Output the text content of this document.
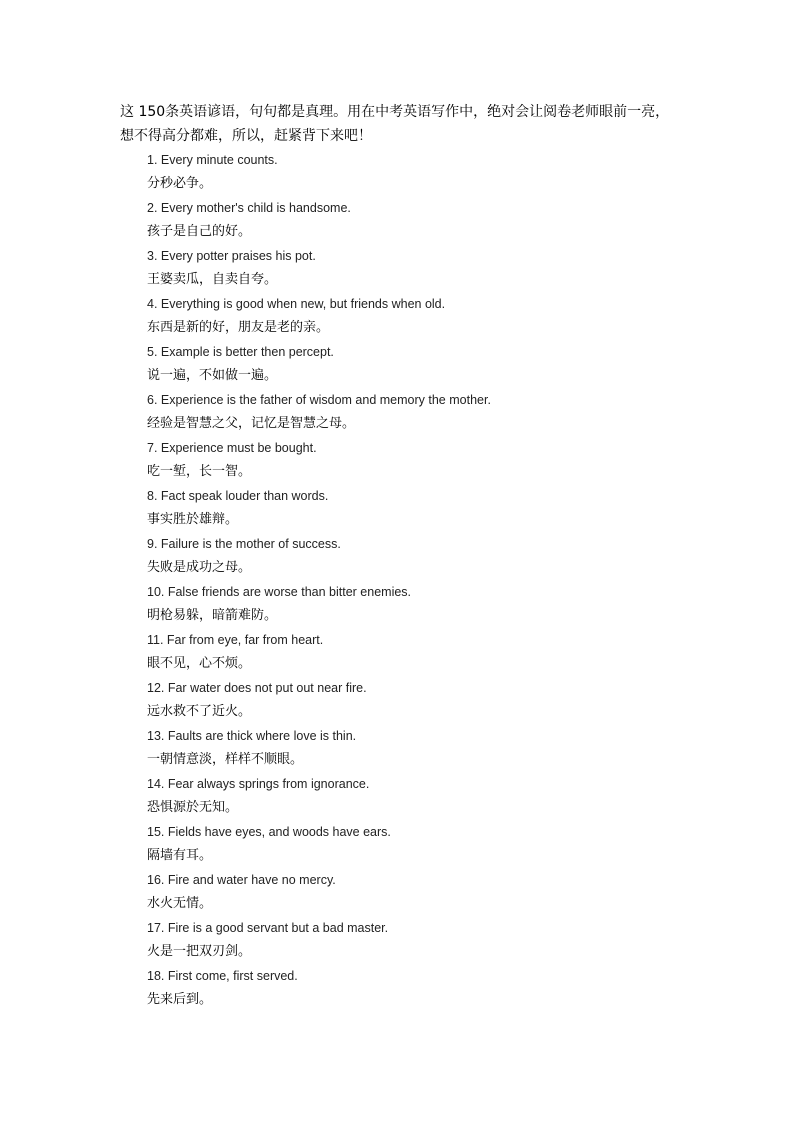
这 150条英语谚语，句句都是真理。用在中考英语写作中，绝对会让阅卷老师眼前一亮，
想不得高分都难，所以，赶紧背下来吧！
1. Every minute counts.
分秒必争。
2. Every mother's child is handsome.
孩子是自己的好。
3. Every potter praises his pot.
王婆卖瓜，自卖自夸。
4. Everything is good when new, but friends when old.
东西是新的好，朋友是老的亲。
5. Example is better then percept.
说一遍，不如做一遍。
6. Experience is the father of wisdom and memory the mother.
经验是智慧之父，记忆是智慧之母。
7. Experience must be bought.
吃一堑，长一智。
8. Fact speak louder than words.
事实胜於雄辩。
9. Failure is the mother of success.
失败是成功之母。
10. False friends are worse than bitter enemies.
明枪易躲，暗箭难防。
11. Far from eye, far from heart.
眼不见，心不烦。
12. Far water does not put out near fire.
远水救不了近火。
13. Faults are thick where love is thin.
一朝情意淡，样样不顺眼。
14. Fear always springs from ignorance.
恐惧源於无知。
15. Fields have eyes, and woods have ears.
隔墙有耳。
16. Fire and water have no mercy.
水火无情。
17. Fire is a good servant but a bad master.
火是一把双刃剑。
18. First come, first served.
先来后到。
